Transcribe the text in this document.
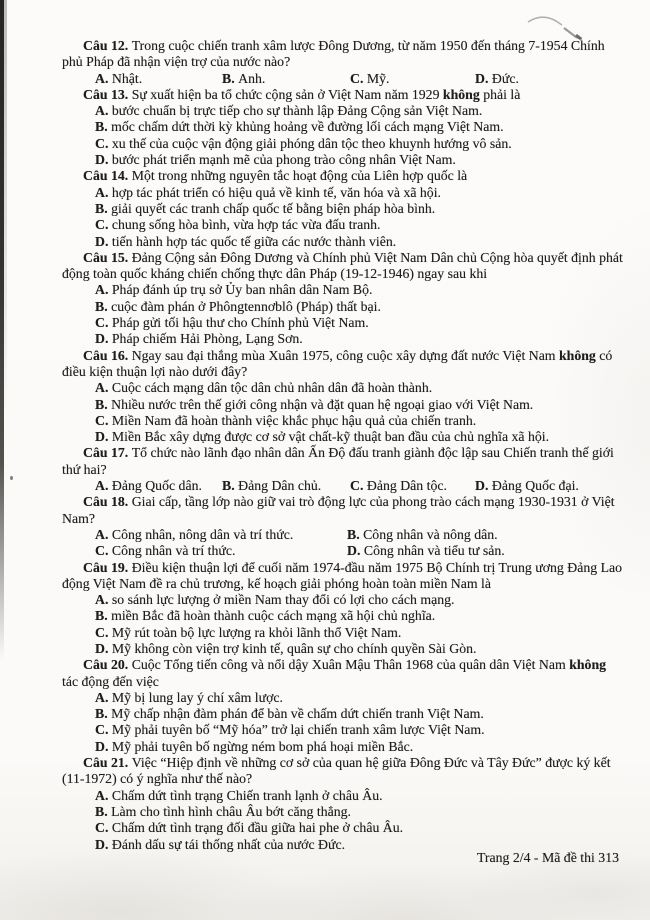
Câu 12. Trong cuộc chiến tranh xâm lược Đông Dương, từ năm 1950 đến tháng 7-1954 Chính phủ Pháp đã nhận viện trợ của nước nào?

A. Nhật.	B. Anh.	C. Mỹ.	D. Đức.

Câu 13. Sự xuất hiện ba tổ chức cộng sản ở Việt Nam năm 1929 không phải là

A. bước chuẩn bị trực tiếp cho sự thành lập Đảng Cộng sản Việt Nam.
B. mốc chấm dứt thời kỳ khủng hoảng về đường lối cách mạng Việt Nam.
C. xu thế của cuộc vận động giải phóng dân tộc theo khuynh hướng vô sản.
D. bước phát triển mạnh mẽ của phong trào công nhân Việt Nam.

Câu 14. Một trong những nguyên tắc hoạt động của Liên hợp quốc là

A. hợp tác phát triển có hiệu quả về kinh tế, văn hóa và xã hội.
B. giải quyết các tranh chấp quốc tế bằng biện pháp hòa bình.
C. chung sống hòa bình, vừa hợp tác vừa đấu tranh.
D. tiến hành hợp tác quốc tế giữa các nước thành viên.

Câu 15. Đảng Cộng sản Đông Dương và Chính phủ Việt Nam Dân chủ Cộng hòa quyết định phát động toàn quốc kháng chiến chống thực dân Pháp (19-12-1946) ngay sau khi

A. Pháp đánh úp trụ sở Ủy ban nhân dân Nam Bộ.
B. cuộc đàm phán ở Phôngtennơblô (Pháp) thất bại.
C. Pháp gửi tối hậu thư cho Chính phủ Việt Nam.
D. Pháp chiếm Hải Phòng, Lạng Sơn.

Câu 16. Ngay sau đại thắng mùa Xuân 1975, công cuộc xây dựng đất nước Việt Nam không có điều kiện thuận lợi nào dưới đây?

A. Cuộc cách mạng dân tộc dân chủ nhân dân đã hoàn thành.
B. Nhiều nước trên thế giới công nhận và đặt quan hệ ngoại giao với Việt Nam.
C. Miền Nam đã hoàn thành việc khắc phục hậu quả của chiến tranh.
D. Miền Bắc xây dựng được cơ sở vật chất-kỹ thuật ban đầu của chủ nghĩa xã hội.

Câu 17. Tổ chức nào lãnh đạo nhân dân Ấn Độ đấu tranh giành độc lập sau Chiến tranh thế giới thứ hai?

A. Đảng Quốc dân.	B. Đảng Dân chủ.	C. Đảng Dân tộc.	D. Đảng Quốc đại.

Câu 18. Giai cấp, tầng lớp nào giữ vai trò động lực của phong trào cách mạng 1930-1931 ở Việt Nam?

A. Công nhân, nông dân và trí thức.	B. Công nhân và nông dân.
C. Công nhân và trí thức.	D. Công nhân và tiểu tư sản.

Câu 19. Điều kiện thuận lợi để cuối năm 1974-đầu năm 1975 Bộ Chính trị Trung ương Đảng Lao động Việt Nam đề ra chủ trương, kế hoạch giải phóng hoàn toàn miền Nam là

A. so sánh lực lượng ở miền Nam thay đổi có lợi cho cách mạng.
B. miền Bắc đã hoàn thành cuộc cách mạng xã hội chủ nghĩa.
C. Mỹ rút toàn bộ lực lượng ra khỏi lãnh thổ Việt Nam.
D. Mỹ không còn viện trợ kinh tế, quân sự cho chính quyền Sài Gòn.

Câu 20. Cuộc Tổng tiến công và nổi dậy Xuân Mậu Thân 1968 của quân dân Việt Nam không tác động đến việc

A. Mỹ bị lung lay ý chí xâm lược.
B. Mỹ chấp nhận đàm phán để bàn về chấm dứt chiến tranh Việt Nam.
C. Mỹ phải tuyên bố “Mỹ hóa” trở lại chiến tranh xâm lược Việt Nam.
D. Mỹ phải tuyên bố ngừng ném bom phá hoại miền Bắc.

Câu 21. Việc “Hiệp định về những cơ sở của quan hệ giữa Đông Đức và Tây Đức” được ký kết (11-1972) có ý nghĩa như thế nào?

A. Chấm dứt tình trạng Chiến tranh lạnh ở châu Âu.
B. Làm cho tình hình châu Âu bớt căng thẳng.
C. Chấm dứt tình trạng đối đầu giữa hai phe ở châu Âu.
D. Đánh dấu sự tái thống nhất của nước Đức.
Trang 2/4 - Mã đề thi 313
